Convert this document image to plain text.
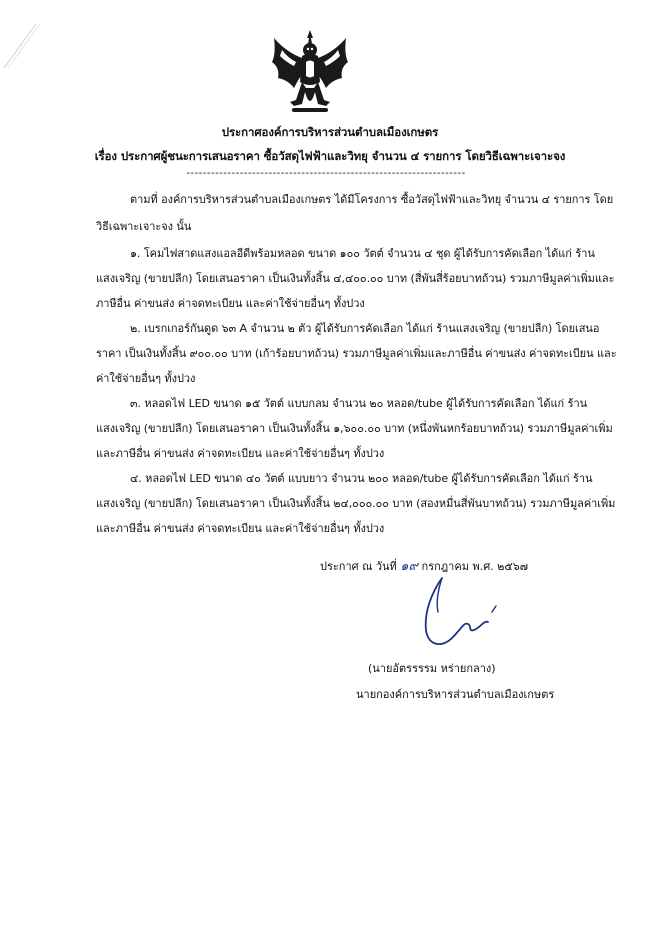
ประกาศองค์การบริหารส่วนตำบลเมืองเกษตร
เรื่อง ประกาศผู้ชนะการเสนอราคา ซื้อวัสดุไฟฟ้าและวิทยุ จำนวน ๔ รายการ โดยวิธีเฉพาะเจาะจง
--------------------------------------------------------------------
ตามที่ องค์การบริหารส่วนตำบลเมืองเกษตร ได้มีโครงการ ซื้อวัสดุไฟฟ้าและวิทยุ จำนวน ๔ รายการ โดย
วิธีเฉพาะเจาะจง นั้น
๑. โคมไฟสาดแสงแอลอีดีพร้อมหลอด ขนาด ๑๐๐ วัตต์ จำนวน ๔ ชุด ผู้ได้รับการคัดเลือก ได้แก่ ร้าน
แสงเจริญ (ขายปลีก) โดยเสนอราคา เป็นเงินทั้งสิ้น ๔,๔๐๐.๐๐ บาท (สี่พันสี่ร้อยบาทถ้วน) รวมภาษีมูลค่าเพิ่มและ
ภาษีอื่น ค่าขนส่ง ค่าจดทะเบียน และค่าใช้จ่ายอื่นๆ ทั้งปวง
๒. เบรกเกอร์กันดูด ๖๓ A จำนวน ๒ ตัว ผู้ได้รับการคัดเลือก ได้แก่ ร้านแสงเจริญ (ขายปลีก) โดยเสนอ
ราคา เป็นเงินทั้งสิ้น ๙๐๐.๐๐ บาท (เก้าร้อยบาทถ้วน) รวมภาษีมูลค่าเพิ่มและภาษีอื่น ค่าขนส่ง ค่าจดทะเบียน และ
ค่าใช้จ่ายอื่นๆ ทั้งปวง
๓. หลอดไฟ LED ขนาด ๑๕ วัตต์ แบบกลม จำนวน ๒๐ หลอด/tube ผู้ได้รับการคัดเลือก ได้แก่ ร้าน
แสงเจริญ (ขายปลีก) โดยเสนอราคา เป็นเงินทั้งสิ้น ๑,๖๐๐.๐๐ บาท (หนึ่งพันหกร้อยบาทถ้วน) รวมภาษีมูลค่าเพิ่ม
และภาษีอื่น ค่าขนส่ง ค่าจดทะเบียน และค่าใช้จ่ายอื่นๆ ทั้งปวง
๔. หลอดไฟ LED ขนาด ๔๐ วัตต์ แบบยาว จำนวน ๒๐๐ หลอด/tube ผู้ได้รับการคัดเลือก ได้แก่ ร้าน
แสงเจริญ (ขายปลีก) โดยเสนอราคา เป็นเงินทั้งสิ้น ๒๔,๐๐๐.๐๐ บาท (สองหมื่นสี่พันบาทถ้วน) รวมภาษีมูลค่าเพิ่ม
และภาษีอื่น ค่าขนส่ง ค่าจดทะเบียน และค่าใช้จ่ายอื่นๆ ทั้งปวง
ประกาศ ณ วันที่ ๑๙ กรกฎาคม พ.ศ. ๒๕๖๗
(นายอัตรรรรม หร่ายกลาง)
นายกองค์การบริหารส่วนตำบลเมืองเกษตร
